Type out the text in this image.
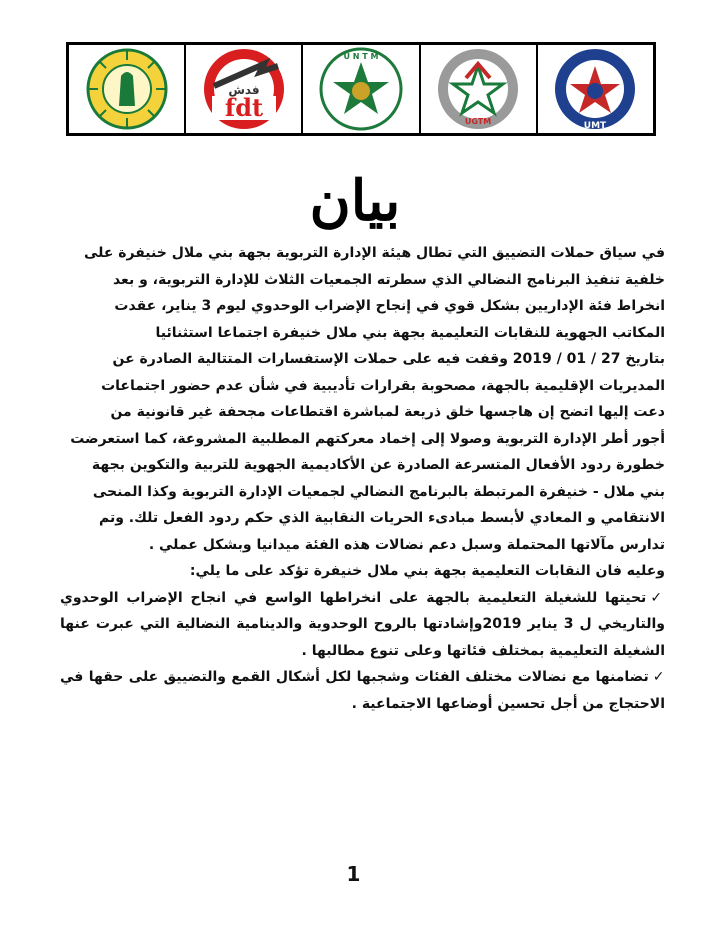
fdt
فدش
U N T M
UGTM	UMT
بيان

في سياق حملات التضييق التي تطال هيئة الإدارة التربوية بجهة بني ملال خنيفرة على

خلفية تنفيذ البرنامج النضالي الذي سطرته الجمعيات الثلاث للإدارة التربوية، و بعد

انخراط فئة الإداريين بشكل قوي في إنجاح الإضراب الوحدوي ليوم 3 يناير، عقدت

المكاتب الجهوية للنقابات التعليمية بجهة بني ملال خنيفرة اجتماعا استثنائيا

بتاريخ 27 / 01 / 2019 وقفت فيه على حملات الإستفسارات المتتالية الصادرة عن

المديريات الإقليمية بالجهة، مصحوبة بقرارات تأديبية في شأن عدم حضور اجتماعات

دعت إليها اتضح إن هاجسها خلق ذريعة لمباشرة اقتطاعات مجحفة غير قانونية من

أجور أطر الإدارة التربوية وصولا إلى إخماد معركتهم المطلبية المشروعة، كما استعرضت

خطورة ردود الأفعال المتسرعة الصادرة عن الأكاديمية الجهوية للتربية والتكوين بجهة

بني ملال - خنيفرة المرتبطة بالبرنامج النضالي لجمعيات الإدارة التربوية وكذا المنحى

الانتقامي و المعادي لأبسط مبادىء الحريات النقابية الذي حكم ردود الفعل تلك. وتم

تدارس مآلاتها المحتملة وسبل دعم نضالات هذه الفئة ميدانيا وبشكل عملي .

وعليه فان النقابات التعليمية بجهة بني ملال خنيفرة تؤكد على ما يلي:

✓تحيتها للشغيلة التعليمية بالجهة على انخراطها الواسع في انجاح الإضراب الوحدوي والتاريخي ل 3 يناير 2019وإشادتها بالروح الوحدوية والدينامية النضالية التي عبرت عنها الشغيلة التعليمية بمختلف فئاتها وعلى تنوع مطالبها .

✓تضامنها مع نضالات مختلف الفئات وشجبها لكل أشكال القمع والتضييق على حقها في الاحتجاج من أجل تحسين أوضاعها الاجتماعية .

1
